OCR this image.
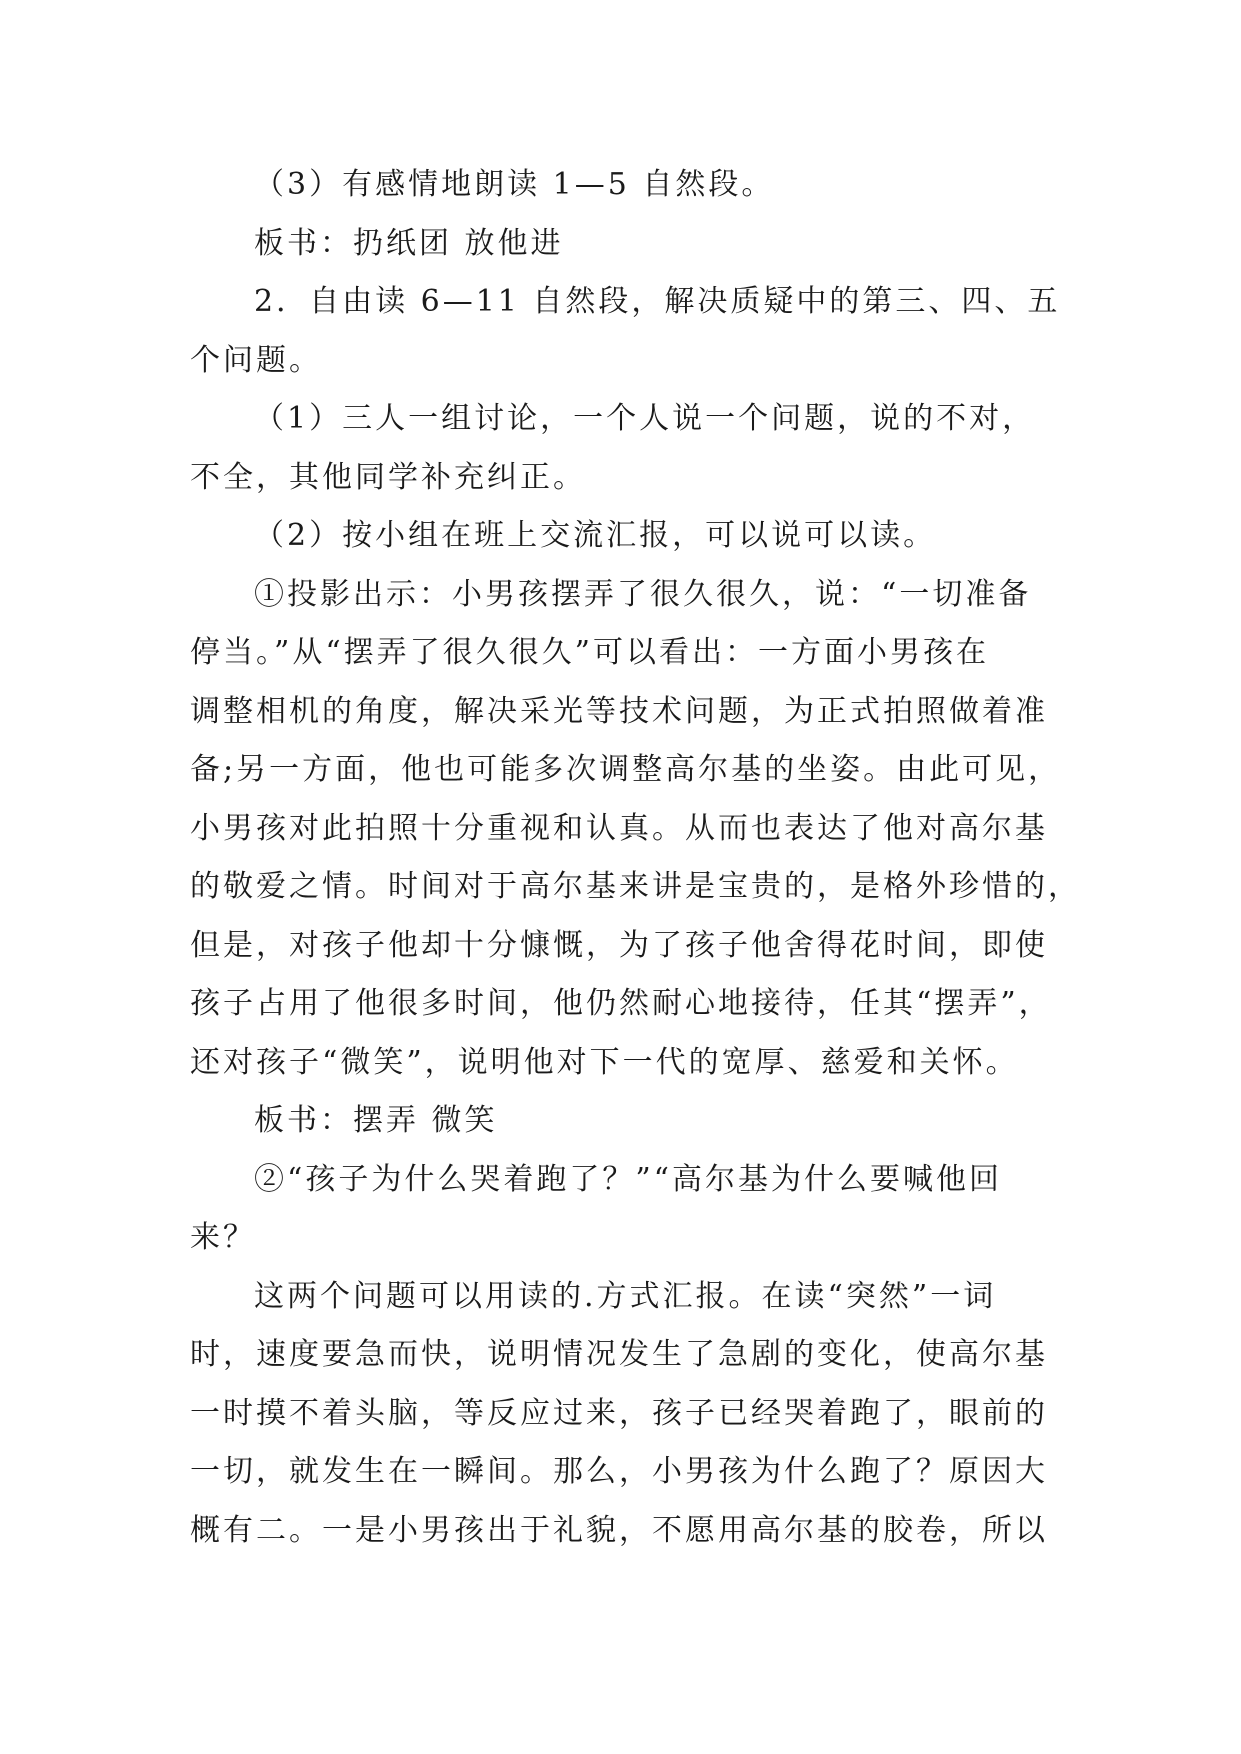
（3）有感情地朗读 1—5 自然段。
板书：扔纸团 放他进
2．自由读 6—11 自然段，解决质疑中的第三、四、五
个问题。
（1）三人一组讨论，一个人说一个问题，说的不对，
不全，其他同学补充纠正。
（2）按小组在班上交流汇报，可以说可以读。
①投影出示：小男孩摆弄了很久很久，说：“一切准备
停当。”从“摆弄了很久很久”可以看出：一方面小男孩在
调整相机的角度，解决采光等技术问题，为正式拍照做着准
备;另一方面，他也可能多次调整高尔基的坐姿。由此可见，
小男孩对此拍照十分重视和认真。从而也表达了他对高尔基
的敬爱之情。时间对于高尔基来讲是宝贵的，是格外珍惜的，
但是，对孩子他却十分慷慨，为了孩子他舍得花时间，即使
孩子占用了他很多时间，他仍然耐心地接待，任其“摆弄”，
还对孩子“微笑”，说明他对下一代的宽厚、慈爱和关怀。
板书：摆弄 微笑
②“孩子为什么哭着跑了？”“高尔基为什么要喊他回
来？
这两个问题可以用读的.方式汇报。在读“突然”一词
时，速度要急而快，说明情况发生了急剧的变化，使高尔基
一时摸不着头脑，等反应过来，孩子已经哭着跑了，眼前的
一切，就发生在一瞬间。那么，小男孩为什么跑了？原因大
概有二。一是小男孩出于礼貌，不愿用高尔基的胶卷，所以
